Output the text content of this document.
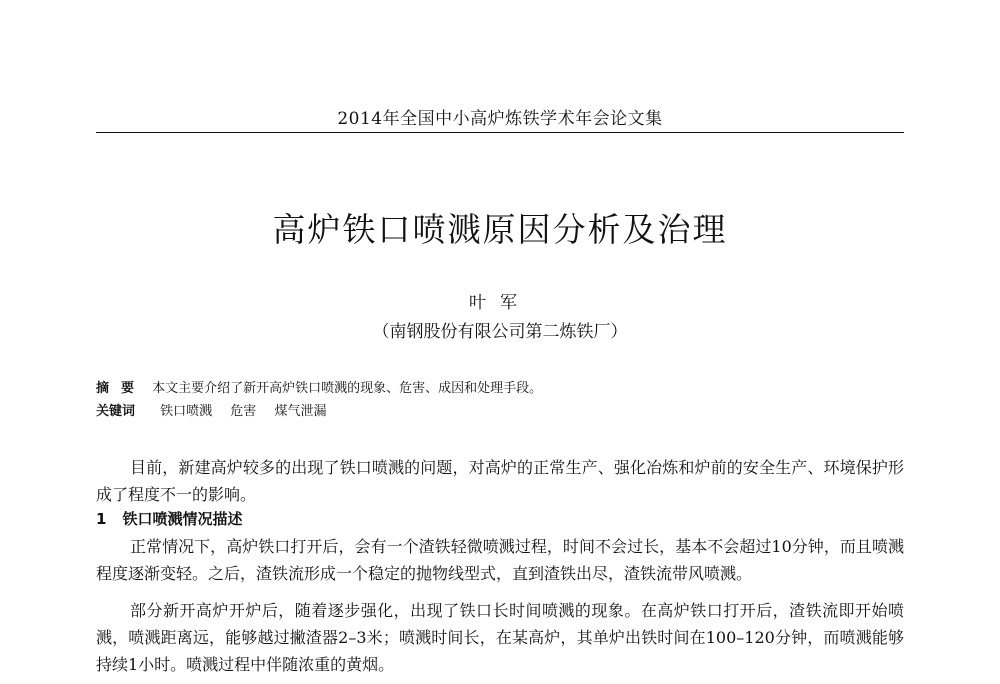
2014年全国中小高炉炼铁学术年会论文集
高炉铁口喷溅原因分析及治理
叶军
（南钢股份有限公司第二炼铁厂）
摘要 本文主要介绍了新开高炉铁口喷溅的现象、危害、成因和处理手段。
关键词 铁口喷溅 危害 煤气泄漏
目前，新建高炉较多的出现了铁口喷溅的问题，对高炉的正常生产、强化冶炼和炉前的安全生产、环境保护形成了程度不一的影响。
1 铁口喷溅情况描述
正常情况下，高炉铁口打开后，会有一个渣铁轻微喷溅过程，时间不会过长，基本不会超过10分钟，而且喷溅程度逐渐变轻。之后，渣铁流形成一个稳定的抛物线型式，直到渣铁出尽，渣铁流带风喷溅。
部分新开高炉开炉后，随着逐步强化，出现了铁口长时间喷溅的现象。在高炉铁口打开后，渣铁流即开始喷溅，喷溅距离远，能够越过撇渣器2–3米；喷溅时间长，在某高炉，其单炉出铁时间在100–120分钟，而喷溅能够持续1小时。喷溅过程中伴随浓重的黄烟。
